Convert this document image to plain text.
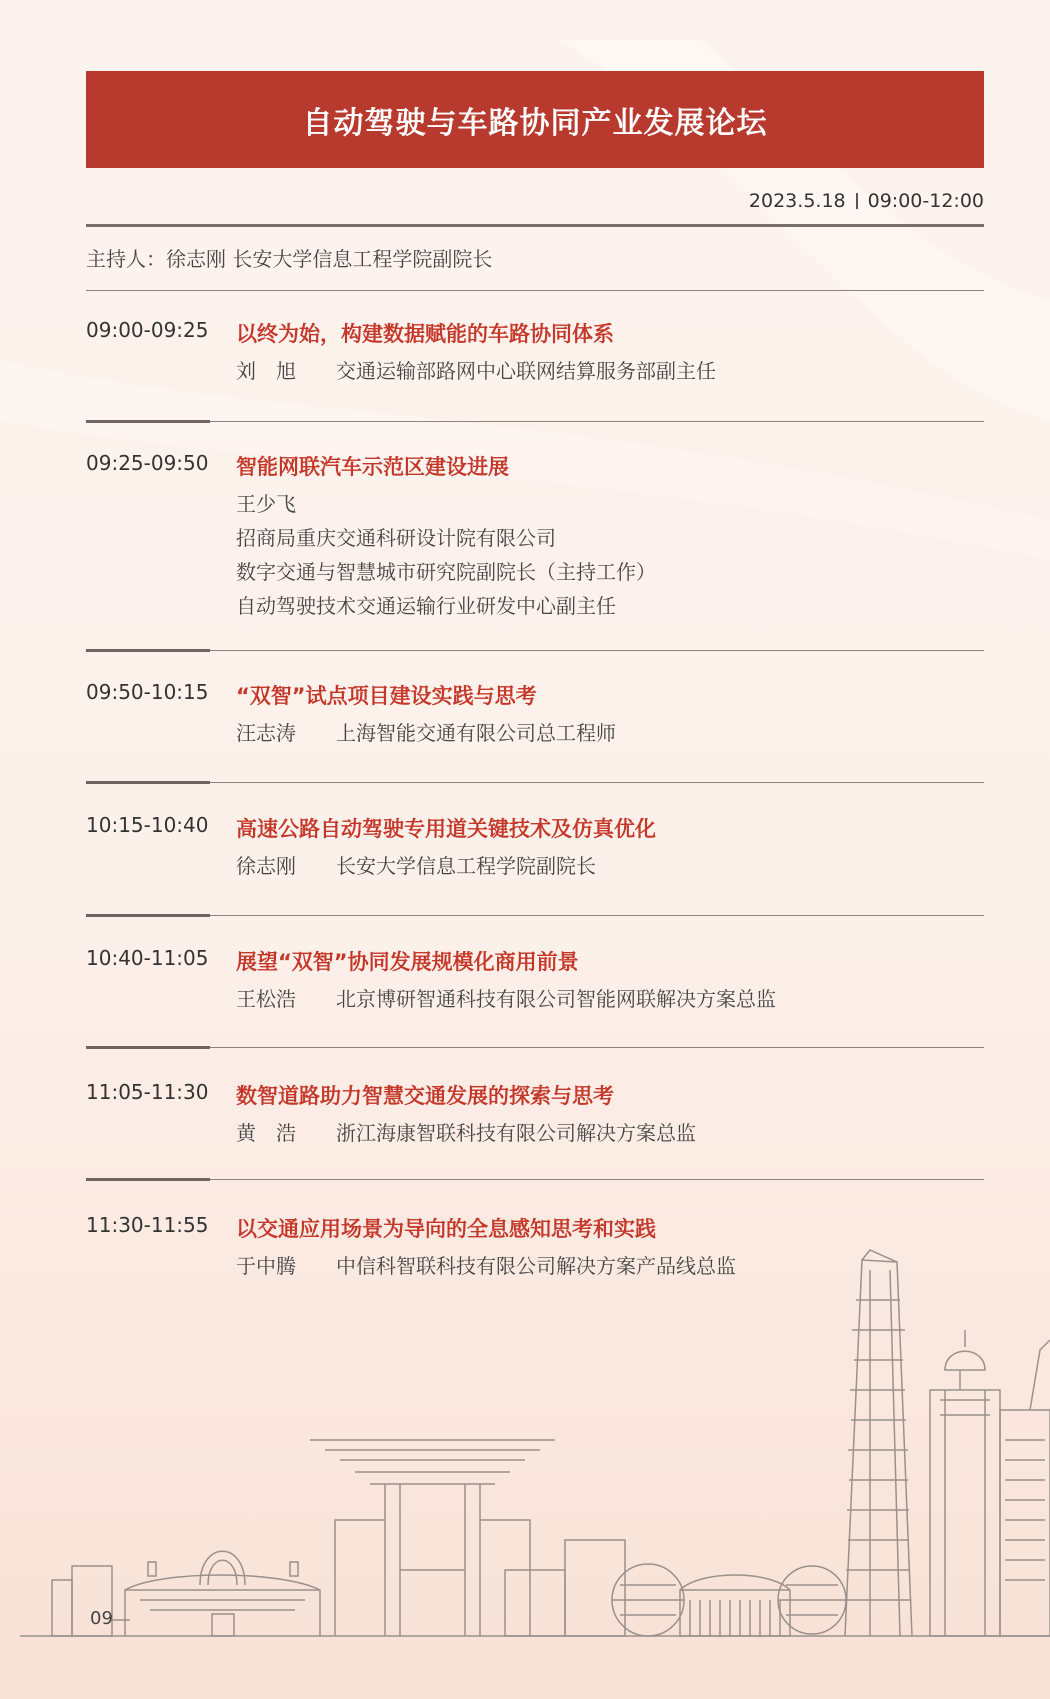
自动驾驶与车路协同产业发展论坛
2023.5.18 09:00-12:00
主持人：徐志刚 长安大学信息工程学院副院长
09:00-09:25 以终为始，构建数据赋能的车路协同体系
刘　旭	交通运输部路网中心联网结算服务部副主任
09:25-09:50 智能网联汽车示范区建设进展
王少飞
招商局重庆交通科研设计院有限公司
数字交通与智慧城市研究院副院长（主持工作）
自动驾驶技术交通运输行业研发中心副主任
09:50-10:15 “双智”试点项目建设实践与思考
汪志涛	上海智能交通有限公司总工程师
10:15-10:40 高速公路自动驾驶专用道关键技术及仿真优化
徐志刚	长安大学信息工程学院副院长
10:40-11:05 展望“双智”协同发展规模化商用前景
王松浩	北京博研智通科技有限公司智能网联解决方案总监
11:05-11:30 数智道路助力智慧交通发展的探索与思考
黄　浩	浙江海康智联科技有限公司解决方案总监
11:30-11:55 以交通应用场景为导向的全息感知思考和实践
于中腾	中信科智联科技有限公司解决方案产品线总监
09
